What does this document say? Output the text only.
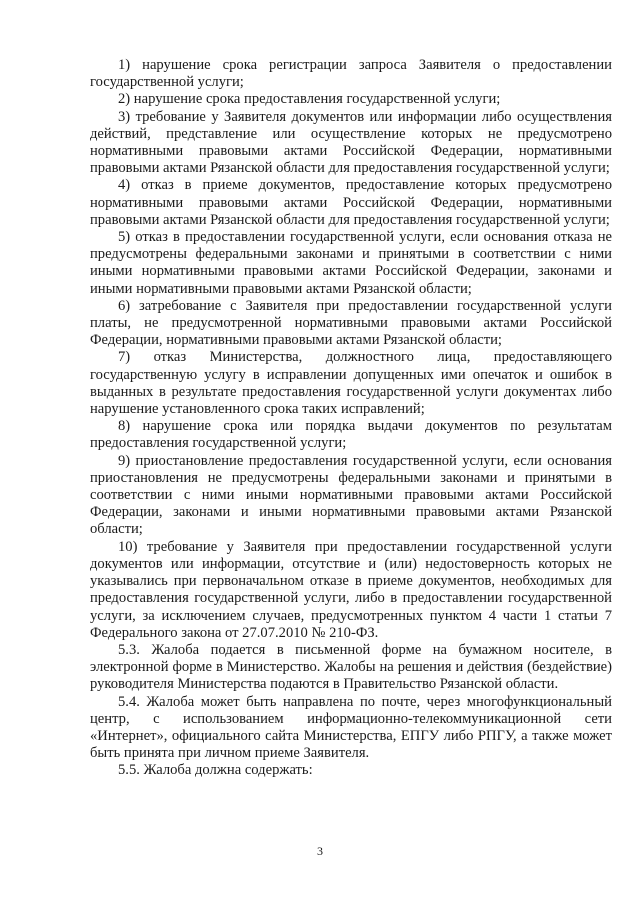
1) нарушение срока регистрации запроса Заявителя о предоставлении государственной услуги;

2) нарушение срока предоставления государственной услуги;

3) требование у Заявителя документов или информации либо осуществления действий, представление или осуществление которых не предусмотрено нормативными правовыми актами Российской Федерации, нормативными правовыми актами Рязанской области для предоставления государственной услуги;

4) отказ в приеме документов, предоставление которых предусмотрено нормативными правовыми актами Российской Федерации, нормативными правовыми актами Рязанской области для предоставления государственной услуги;

5) отказ в предоставлении государственной услуги, если основания отказа не предусмотрены федеральными законами и принятыми в соответствии с ними иными нормативными правовыми актами Российской Федерации, законами и иными нормативными правовыми актами Рязанской области;

6) затребование с Заявителя при предоставлении государственной услуги платы, не предусмотренной нормативными правовыми актами Российской Федерации, нормативными правовыми актами Рязанской области;

7) отказ Министерства, должностного лица, предоставляющего государственную услугу в исправлении допущенных ими опечаток и ошибок в выданных в результате предоставления государственной услуги документах либо нарушение установленного срока таких исправлений;

8) нарушение срока или порядка выдачи документов по результатам предоставления государственной услуги;

9) приостановление предоставления государственной услуги, если основания приостановления не предусмотрены федеральными законами и принятыми в соответствии с ними иными нормативными правовыми актами Российской Федерации, законами и иными нормативными правовыми актами Рязанской области;

10) требование у Заявителя при предоставлении государственной услуги документов или информации, отсутствие и (или) недостоверность которых не указывались при первоначальном отказе в приеме документов, необходимых для предоставления государственной услуги, либо в предоставлении государственной услуги, за исключением случаев, предусмотренных пунктом 4 части 1 статьи 7 Федерального закона от 27.07.2010 № 210-ФЗ.

5.3. Жалоба подается в письменной форме на бумажном носителе, в электронной форме в Министерство. Жалобы на решения и действия (бездействие) руководителя Министерства подаются в Правительство Рязанской области.

5.4. Жалоба может быть направлена по почте, через многофункциональный центр, с использованием информационно-телекоммуникационной сети «Интернет», официального сайта Министерства, ЕПГУ либо РПГУ, а также может быть принята при личном приеме Заявителя.

5.5. Жалоба должна содержать:

3
